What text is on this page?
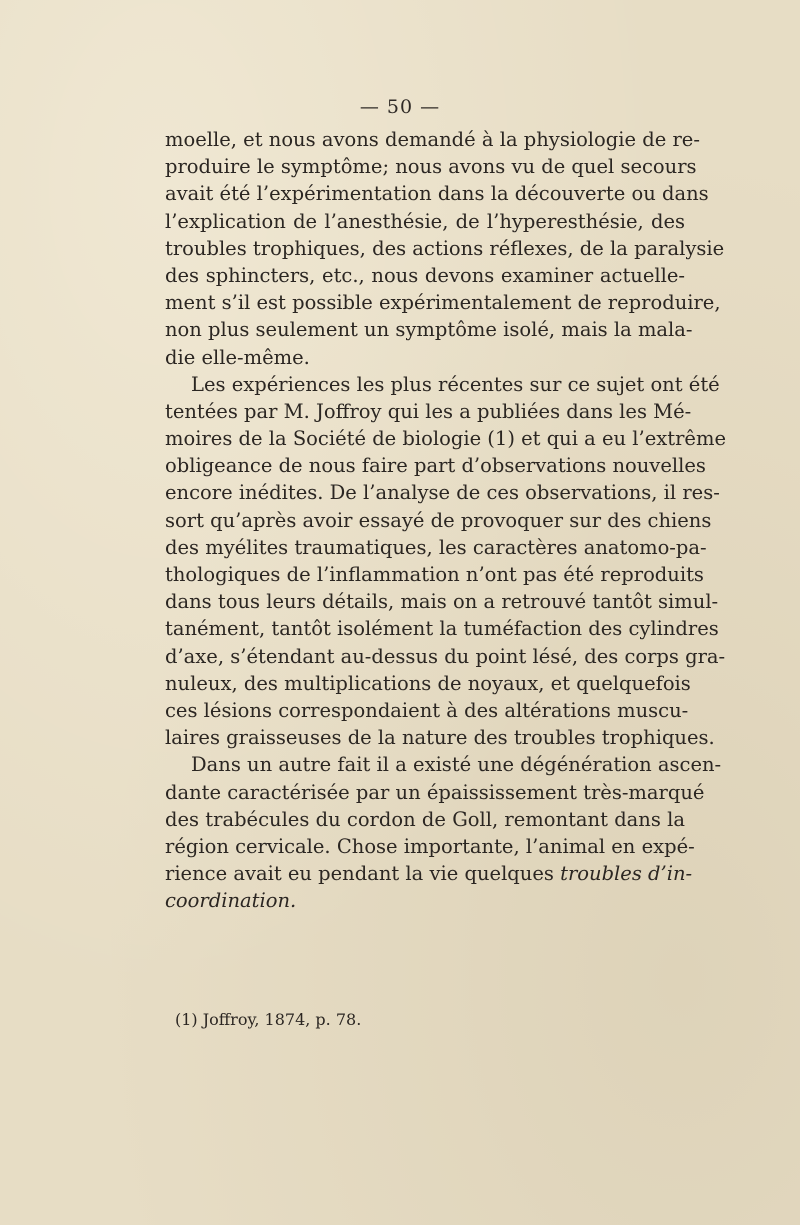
— 50 —
moelle, et nous avons demandé à la physiologie de re-
produire le symptôme; nous avons vu de quel secours
avait été l’expérimentation dans la découverte ou dans
l’explication de l’anesthésie, de l’hyperesthésie, des
troubles trophiques, des actions réflexes, de la paralysie
des sphincters, etc., nous devons examiner actuelle-
ment s’il est possible expérimentalement de reproduire,
non plus seulement un symptôme isolé, mais la mala-
die elle-même.
Les expériences les plus récentes sur ce sujet ont été
tentées par M. Joffroy qui les a publiées dans les Mé-
moires de la Société de biologie (1) et qui a eu l’extrême
obligeance de nous faire part d’observations nouvelles
encore inédites. De l’analyse de ces observations, il res-
sort qu’après avoir essayé de provoquer sur des chiens
des myélites traumatiques, les caractères anatomo-pa-
thologiques de l’inflammation n’ont pas été reproduits
dans tous leurs détails, mais on a retrouvé tantôt simul-
tanément, tantôt isolément la tuméfaction des cylindres
d’axe, s’étendant au-dessus du point lésé, des corps gra-
nuleux, des multiplications de noyaux, et quelquefois
ces lésions correspondaient à des altérations muscu-
laires graisseuses de la nature des troubles trophiques.
Dans un autre fait il a existé une dégénération ascen-
dante caractérisée par un épaississement très-marqué
des trabécules du cordon de Goll, remontant dans la
région cervicale. Chose importante, l’animal en expé-
rience avait eu pendant la vie quelques troubles d’in-
coordination.
(1) Joffroy, 1874, p. 78.
